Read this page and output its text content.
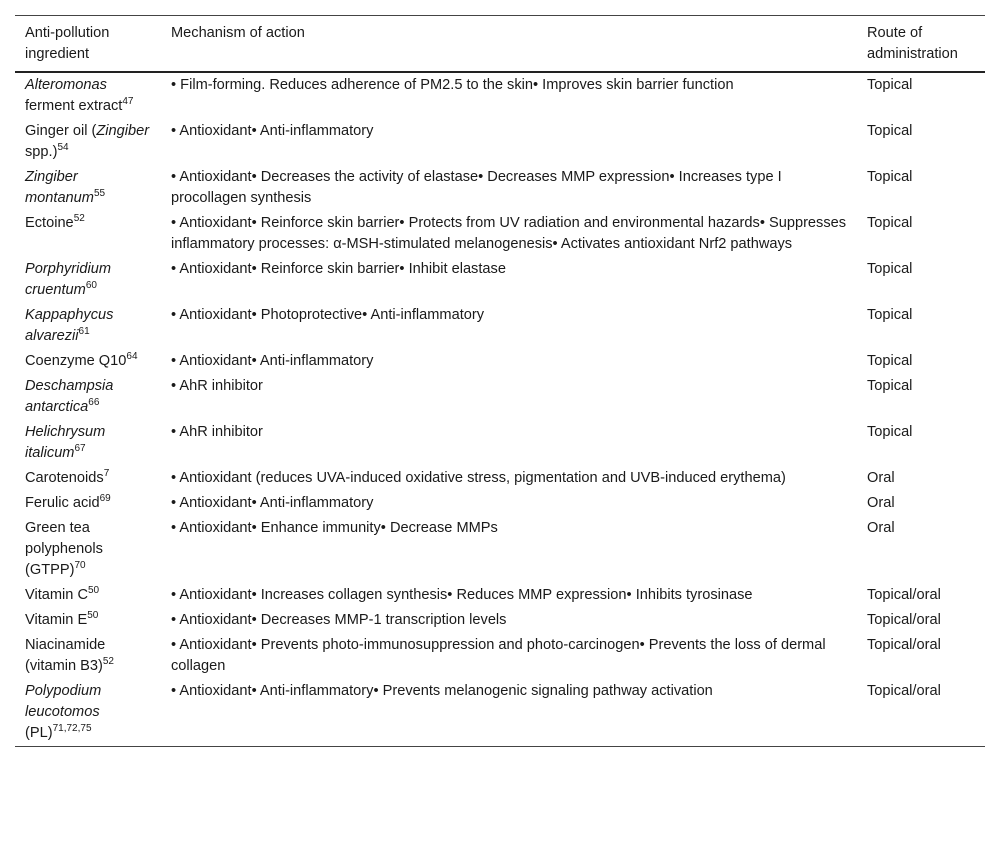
Anti-pollution ingredient	Mechanism of action	Route of administration
Alteromonas ferment extract$^{47}$	• Film-forming. Reduces adherence of PM2.5 to the skin• Improves skin barrier function	Topical
Ginger oil (Zingiber spp.)$^{54}$	• Antioxidant• Anti-inflammatory	Topical
Zingiber montanum$^{55}$	• Antioxidant• Decreases the activity of elastase• Decreases MMP expression• Increases type I procollagen synthesis	Topical
Ectoine$^{52}$	• Antioxidant• Reinforce skin barrier• Protects from UV radiation and environmental hazards• Suppresses inflammatory processes: α-MSH-stimulated melanogenesis• Activates antioxidant Nrf2 pathways	Topical
Porphyridium cruentum$^{60}$	• Antioxidant• Reinforce skin barrier• Inhibit elastase	Topical
Kappaphycus alvarezii$^{61}$	• Antioxidant• Photoprotective• Anti-inflammatory	Topical
Coenzyme $Q10^{64}$	• Antioxidant• Anti-inflammatory	Topical
Deschampsia antarctica$^{66}$	• AhR inhibitor	Topical
Helichrysum italicum$^{67}$	• AhR inhibitor	Topical
Carotenoids$^7$	• Antioxidant (reduces UVA-induced oxidative stress, pigmentation and UVB-induced erythema)	Oral
Ferulic acid$^{69}$	• Antioxidant• Anti-inflammatory	Oral
Green tea polyphenols (GTPP)$^{70}$	• Antioxidant• Enhance immunity• Decrease MMPs	Oral
Vitamin $C^{50}$	• Antioxidant• Increases collagen synthesis• Reduces MMP expression• Inhibits tyrosinase	Topical/oral
Vitamin $E^{50}$	• Antioxidant• Decreases MMP-1 transcription levels	Topical/oral
Niacinamide (vitamin B3)$^{52}$	• Antioxidant• Prevents photo-immunosuppression and photo-carcinogen• Prevents the loss of dermal collagen	Topical/oral
Polypodium leucotomos (PL)$^{71,72,75}$	• Antioxidant• Anti-inflammatory• Prevents melanogenic signaling pathway activation	Topical/oral
